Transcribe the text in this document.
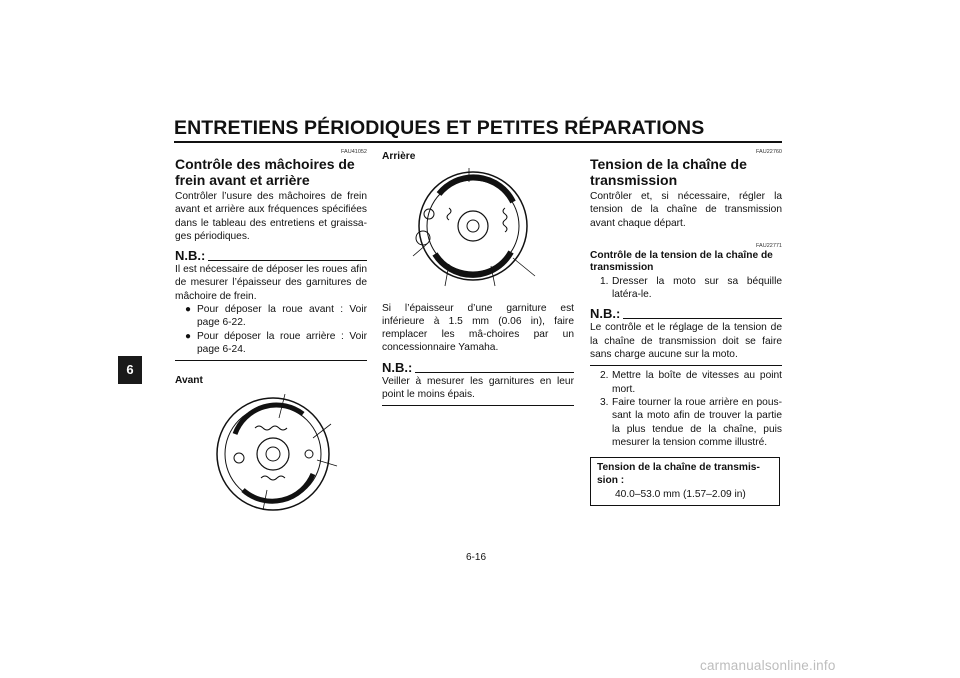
ENTRETIENS PÉRIODIQUES ET PETITES RÉPARATIONS
6
FAU41052
Contrôle des mâchoires de frein avant et arrière

Contrôler l’usure des mâchoires de frein avant et arrière aux fréquences spécifiées dans le tableau des entretiens et graissa-ges périodiques.

N.B.:

Il est nécessaire de déposer les roues afin de mesurer l’épaisseur des garnitures de mâchoire de frein.

● Pour déposer la roue avant : Voir page 6-22.
● Pour déposer la roue arrière : Voir page 6-24.
Avant
Arrière

Si l’épaisseur d’une garniture est inférieure à 1.5 mm (0.06 in), faire remplacer les mâ-choires par un concessionnaire Yamaha.

N.B.:

Veiller à mesurer les garnitures en leur point le moins épais.

FAU22760
Tension de la chaîne de transmission

Contrôler et, si nécessaire, régler la tension de la chaîne de transmission avant chaque départ.

FAU22771
Contrôle de la tension de la chaîne de transmission
1. Dresser la moto sur sa béquille latéra-le.
N.B.:

Le contrôle et le réglage de la tension de la chaîne de transmission doit se faire sans charge aucune sur la moto.

2. Mettre la boîte de vitesses au point mort.
3. Faire tourner la roue arrière en pous-sant la moto afin de trouver la partie la plus tendue de la chaîne, puis mesurer la tension comme illustré.
Tension de la chaîne de transmis-sion :
40.0–53.0 mm (1.57–2.09 in)
6-16
carmanualsonline.info
